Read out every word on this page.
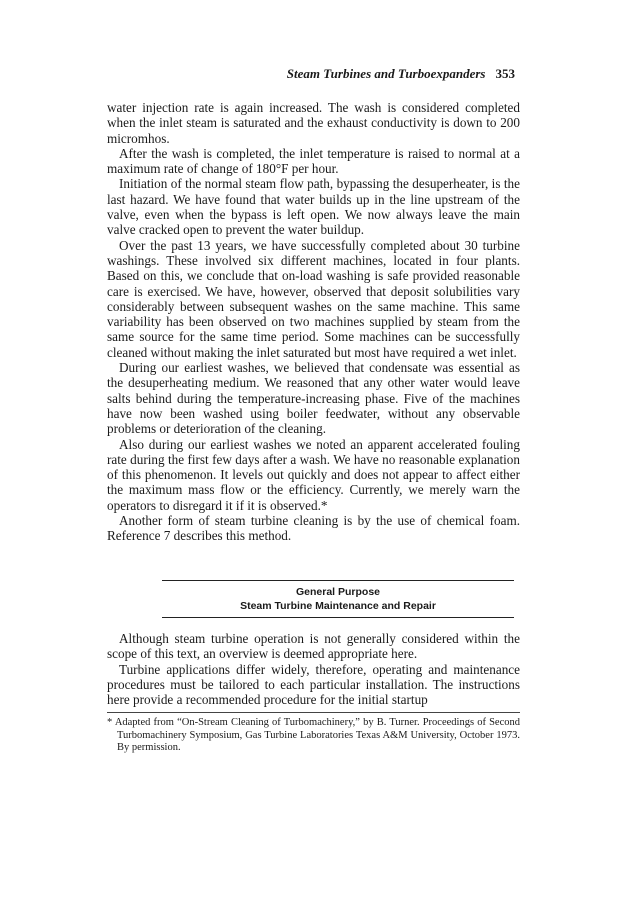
Steam Turbines and Turboexpanders 353

water injection rate is again increased. The wash is considered completed when the inlet steam is saturated and the exhaust conductivity is down to 200 micromhos.

After the wash is completed, the inlet temperature is raised to normal at a maximum rate of change of 180°F per hour.

Initiation of the normal steam flow path, bypassing the desuperheater, is the last hazard. We have found that water builds up in the line upstream of the valve, even when the bypass is left open. We now always leave the main valve cracked open to prevent the water buildup.

Over the past 13 years, we have successfully completed about 30 turbine washings. These involved six different machines, located in four plants. Based on this, we conclude that on-load washing is safe provided reasonable care is exercised. We have, however, observed that deposit solubilities vary considerably between subsequent washes on the same machine. This same variability has been observed on two machines supplied by steam from the same source for the same time period. Some machines can be successfully cleaned without making the inlet saturated but most have required a wet inlet.

During our earliest washes, we believed that condensate was essential as the desuperheating medium. We reasoned that any other water would leave salts behind during the temperature-increasing phase. Five of the machines have now been washed using boiler feedwater, without any observable problems or deterioration of the cleaning.

Also during our earliest washes we noted an apparent accelerated fouling rate during the first few days after a wash. We have no reasonable explanation of this phenomenon. It levels out quickly and does not appear to affect either the maximum mass flow or the efficiency. Currently, we merely warn the operators to disregard it if it is observed.*

Another form of steam turbine cleaning is by the use of chemical foam. Reference 7 describes this method.

General Purpose
Steam Turbine Maintenance and Repair

Although steam turbine operation is not generally considered within the scope of this text, an overview is deemed appropriate here.

Turbine applications differ widely, therefore, operating and maintenance procedures must be tailored to each particular installation. The instructions here provide a recommended procedure for the initial startup

* Adapted from “On-Stream Cleaning of Turbomachinery,” by B. Turner. Proceedings of Second Turbomachinery Symposium, Gas Turbine Laboratories Texas A&M University, October 1973. By permission.
